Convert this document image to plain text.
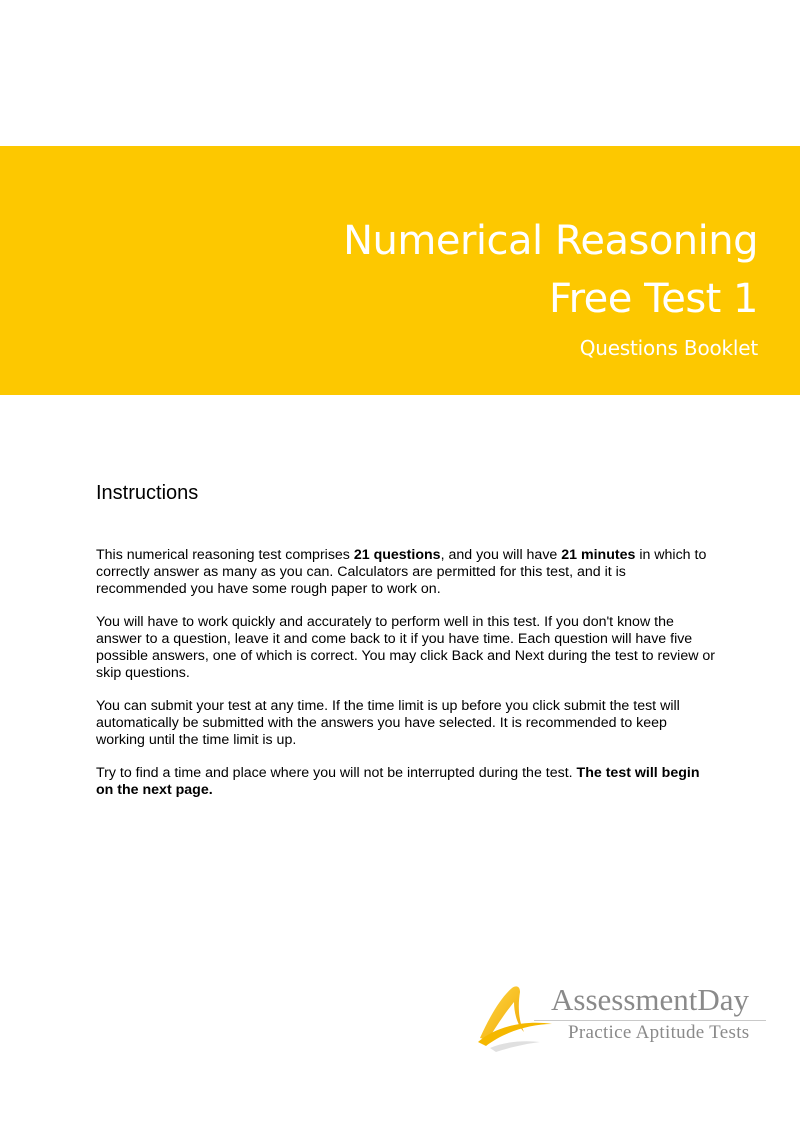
Numerical Reasoning
Free Test 1
Questions Booklet
Instructions

This numerical reasoning test comprises 21 questions, and you will have 21 minutes in which to correctly answer as many as you can. Calculators are permitted for this test, and it is recommended you have some rough paper to work on.

You will have to work quickly and accurately to perform well in this test. If you don't know the answer to a question, leave it and come back to it if you have time. Each question will have five possible answers, one of which is correct. You may click Back and Next during the test to review or skip questions.

You can submit your test at any time. If the time limit is up before you click submit the test will automatically be submitted with the answers you have selected. It is recommended to keep working until the time limit is up.

Try to find a time and place where you will not be interrupted during the test. The test will begin on the next page.

AssessmentDay
Practice Aptitude Tests
